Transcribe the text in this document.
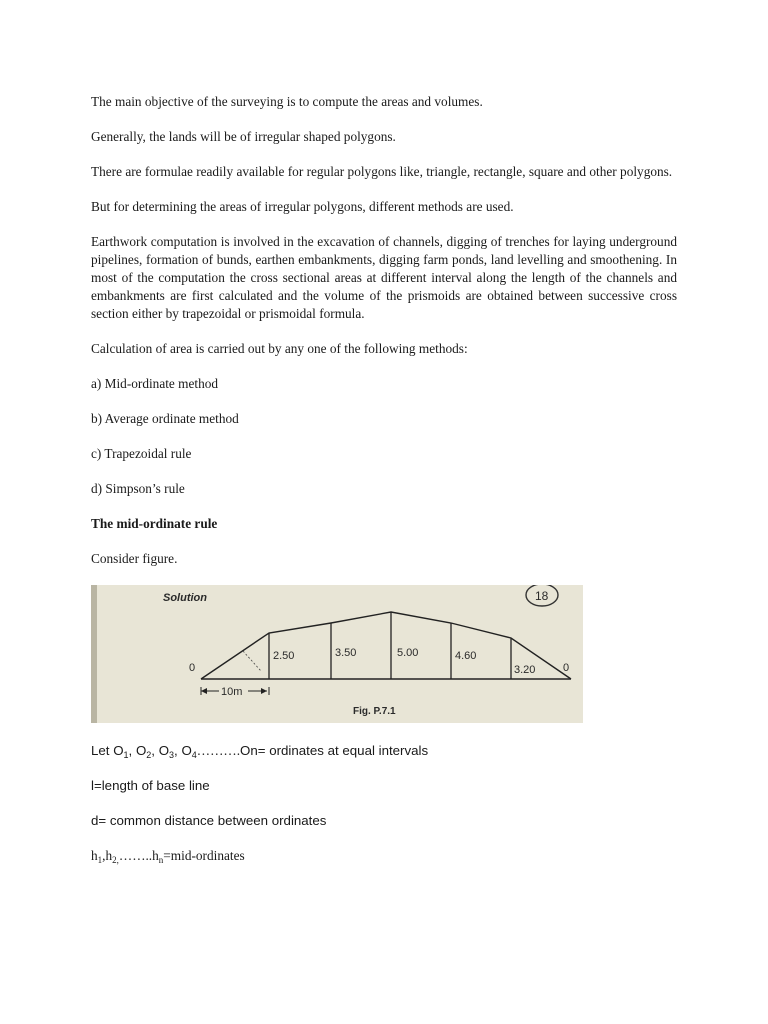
The main objective of the surveying is to compute the areas and volumes.

Generally, the lands will be of irregular shaped polygons.

There are formulae readily available for regular polygons like, triangle, rectangle, square and other polygons.

But for determining the areas of irregular polygons, different methods are used.

Earthwork computation is involved in the excavation of channels, digging of trenches for laying underground pipelines, formation of bunds, earthen embankments, digging farm ponds, land levelling and smoothening. In most of the computation the cross sectional areas at different interval along the length of the channels and embankments are first calculated and the volume of the prismoids are obtained between successive cross section either by trapezoidal or prismoidal formula.

Calculation of area is carried out by any one of the following methods:

a) Mid-ordinate method

b) Average ordinate method

c) Trapezoidal rule

d) Simpson’s rule

The mid-ordinate rule

Consider figure.

Solution	18
0	0
2.50	3.50	5.00	4.60
3.20
10m
Fig. P.7.1

Let $O_1$, $O_2$, $O_3$, $O_4\dots\dots\dots.On=$ ordinates at equal intervals

l=length of base line

d= common distance between ordinates

$h_1,h_{2,}\dots\dots..h_n=mid$-ordinates
